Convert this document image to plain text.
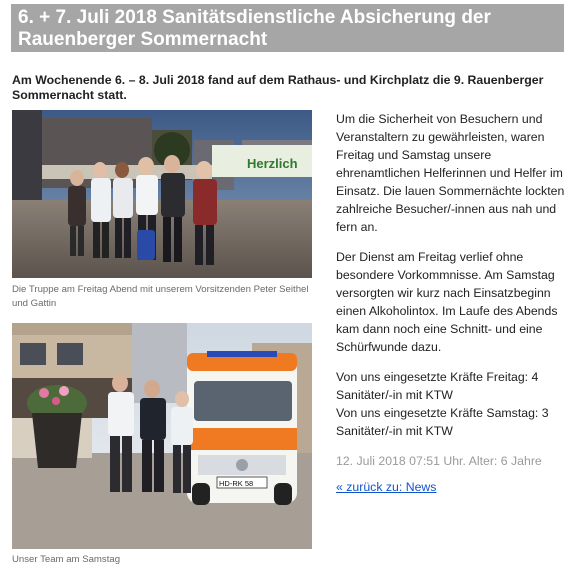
6. + 7. Juli 2018 Sanitätsdienstliche Absicherung der Rauenberger Sommernacht
Am Wochenende 6. – 8. Juli 2018 fand auf dem Rathaus- und Kirchplatz die 9. Rauenberger Sommernacht statt.
Herzlich
Die Truppe am Freitag Abend mit unserem Vorsitzenden Peter Seithel und Gattin
HD-RK 58
Unser Team am Samstag

Um die Sicherheit von Besuchern und Veranstaltern zu gewährleisten, waren Freitag und Samstag unsere ehrenamtlichen Helferinnen und Helfer im Einsatz. Die lauen Sommernächte lockten zahlreiche Besucher/-innen aus nah und fern an.

Der Dienst am Freitag verlief ohne besondere Vorkommnisse. Am Samstag versorgten wir kurz nach Einsatzbeginn einen Alkoholintox. Im Laufe des Abends kam dann noch eine Schnitt- und eine Schürfwunde dazu.

Von uns eingesetzte Kräfte Freitag: 4 Sanitäter/-in mit KTW
Von uns eingesetzte Kräfte Samstag: 3 Sanitäter/-in mit KTW
12. Juli 2018 07:51 Uhr. Alter: 6 Jahre
« zurück zu: News
